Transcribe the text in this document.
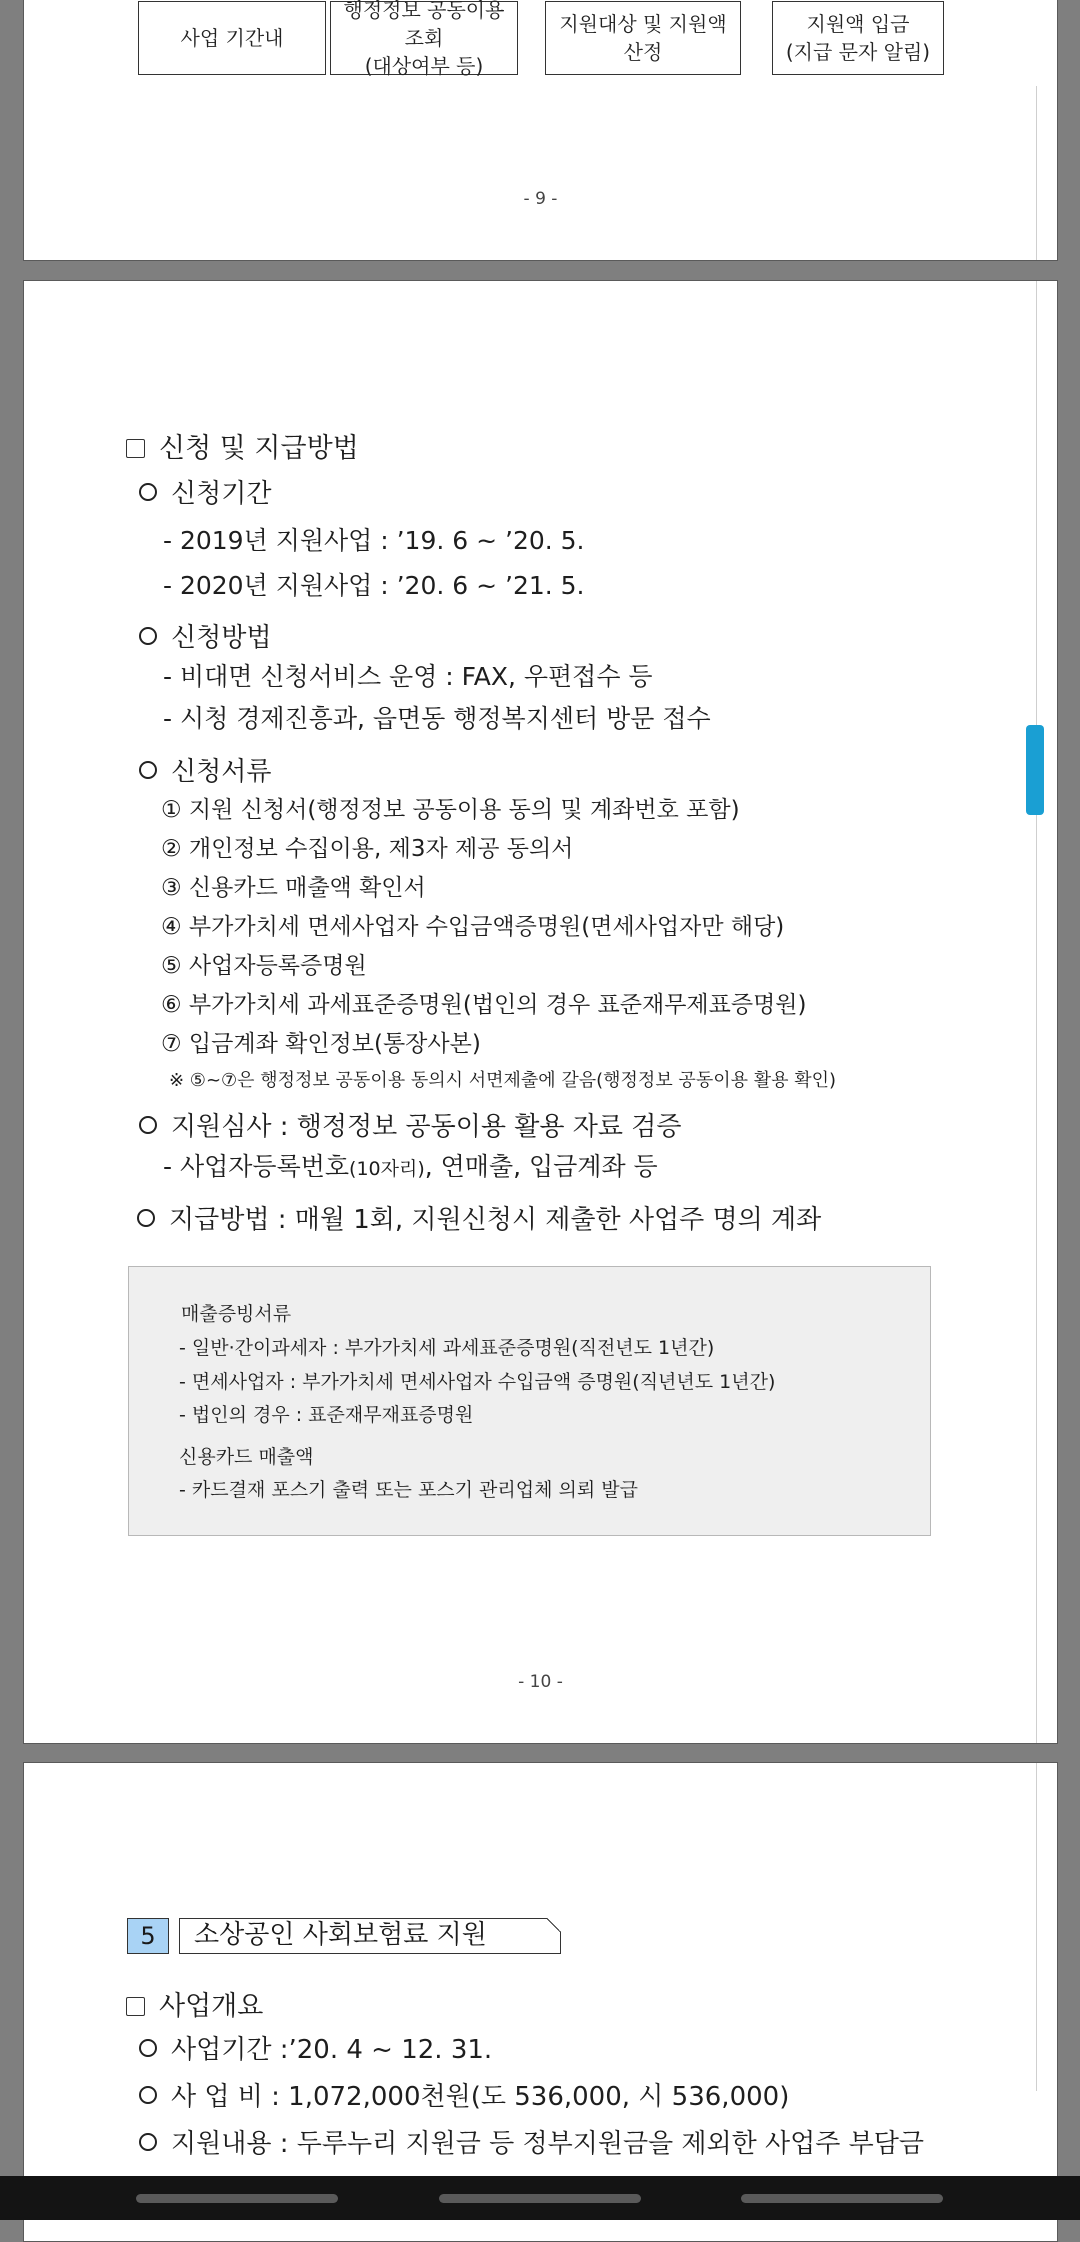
사업 기간내
행정정보 공동이용 조회
(대상여부 등)
지원대상 및 지원액
산정
지원액 입금
(지급 문자 알림)
- 9 -
신청 및 지급방법
신청기간
- 2019년 지원사업 : ’19. 6 ~ ’20. 5.
- 2020년 지원사업 : ’20. 6 ~ ’21. 5.
신청방법
- 비대면 신청서비스 운영 : FAX, 우편접수 등
- 시청 경제진흥과, 읍면동 행정복지센터 방문 접수
신청서류
① 지원 신청서(행정정보 공동이용 동의 및 계좌번호 포함)
② 개인정보 수집이용, 제3자 제공 동의서
③ 신용카드 매출액 확인서
④ 부가가치세 면세사업자 수입금액증명원(면세사업자만 해당)
⑤ 사업자등록증명원
⑥ 부가가치세 과세표준증명원(법인의 경우 표준재무제표증명원)
⑦ 입금계좌 확인정보(통장사본)
※ ⑤~⑦은 행정정보 공동이용 동의시 서면제출에 갈음(행정정보 공동이용 활용 확인)
지원심사 : 행정정보 공동이용 활용 자료 검증
- 사업자등록번호(10자리), 연매출, 입금계좌 등
지급방법 : 매월 1회, 지원신청시 제출한 사업주 명의 계좌
매출증빙서류
- 일반·간이과세자 : 부가가치세 과세표준증명원(직전년도 1년간)
- 면세사업자 : 부가가치세 면세사업자 수입금액 증명원(직년년도 1년간)
- 법인의 경우 : 표준재무재표증명원
신용카드 매출액
- 카드결재 포스기 출력 또는 포스기 관리업체 의뢰 발급
- 10 -
5	소상공인 사회보험료 지원
사업개요
사업기간 :’20. 4 ~ 12. 31.
사 업 비 : 1,072,000천원(도 536,000, 시 536,000)
지원내용 : 두루누리 지원금 등 정부지원금을 제외한 사업주 부담금
